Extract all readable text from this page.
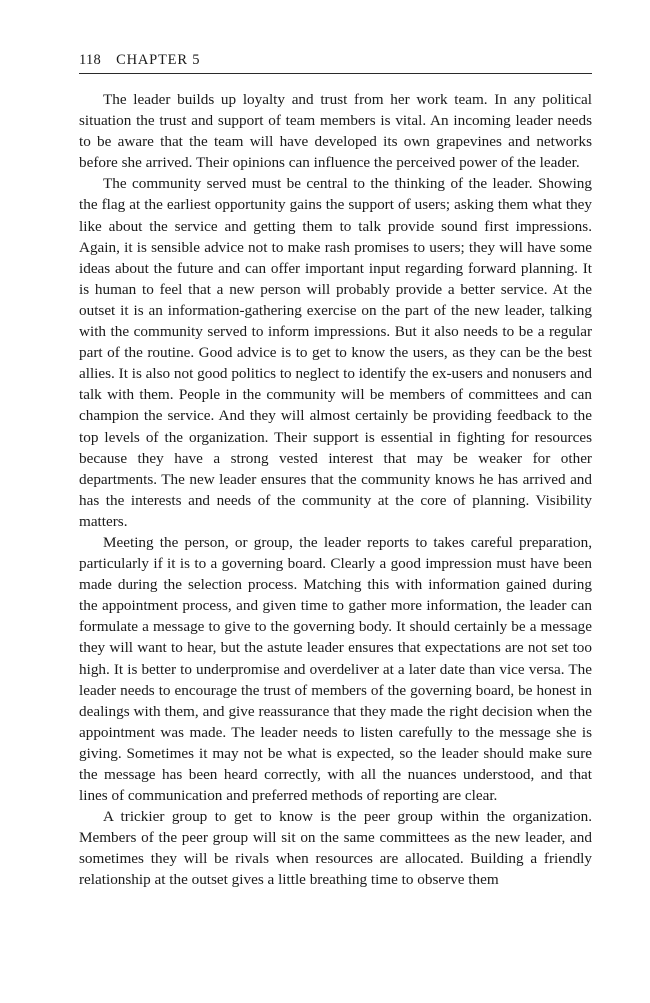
118 CHAPTER 5

The leader builds up loyalty and trust from her work team. In any political situation the trust and support of team members is vital. An incoming leader needs to be aware that the team will have developed its own grapevines and networks before she arrived. Their opinions can influence the perceived power of the leader.

The community served must be central to the thinking of the leader. Showing the flag at the earliest opportunity gains the support of users; asking them what they like about the service and getting them to talk provide sound first impressions. Again, it is sensible advice not to make rash promises to users; they will have some ideas about the future and can offer important input regarding forward planning. It is human to feel that a new person will probably provide a better service. At the outset it is an information-gathering exercise on the part of the new leader, talking with the community served to inform impressions. But it also needs to be a regular part of the routine. Good advice is to get to know the users, as they can be the best allies. It is also not good politics to neglect to identify the ex-users and nonusers and talk with them. People in the community will be members of committees and can champion the service. And they will almost certainly be providing feedback to the top levels of the organization. Their support is essential in fighting for resources because they have a strong vested interest that may be weaker for other departments. The new leader ensures that the community knows he has arrived and has the interests and needs of the community at the core of planning. Visibility matters.

Meeting the person, or group, the leader reports to takes careful preparation, particularly if it is to a governing board. Clearly a good impression must have been made during the selection process. Matching this with information gained during the appointment process, and given time to gather more information, the leader can formulate a message to give to the governing body. It should certainly be a message they will want to hear, but the astute leader ensures that expectations are not set too high. It is better to underpromise and overdeliver at a later date than vice versa. The leader needs to encourage the trust of members of the governing board, be honest in dealings with them, and give reassurance that they made the right decision when the appointment was made. The leader needs to listen carefully to the message she is giving. Sometimes it may not be what is expected, so the leader should make sure the message has been heard correctly, with all the nuances understood, and that lines of communication and preferred methods of reporting are clear.

A trickier group to get to know is the peer group within the organization. Members of the peer group will sit on the same committees as the new leader, and sometimes they will be rivals when resources are allocated. Building a friendly relationship at the outset gives a little breathing time to observe them
